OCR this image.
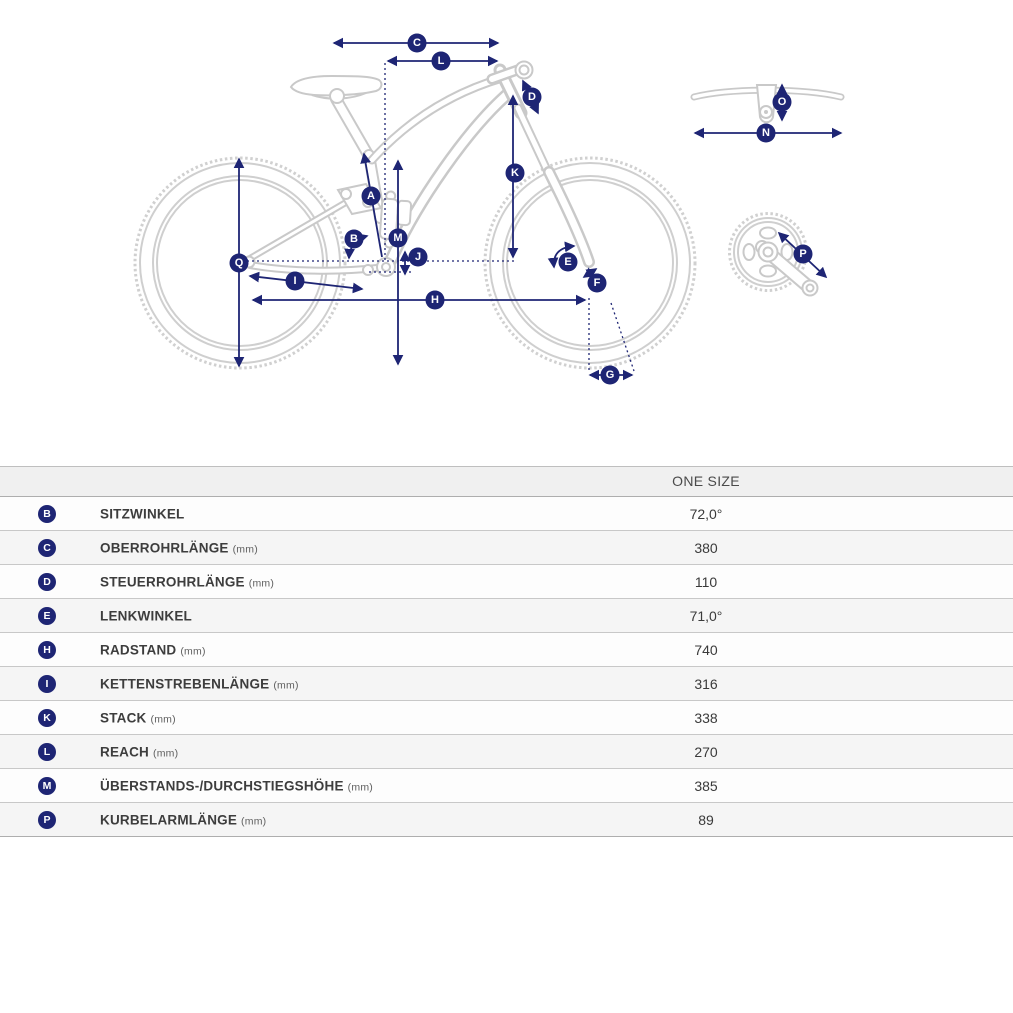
C
L
D
K
A
B	M
J
Q	E
I	F
H
G
N
O
P
ONE SIZE
B	SITZWINKEL	72,0°
C	OBERROHRLÄNGE (mm)	380
D	STEUERROHRLÄNGE (mm)	110
E	LENKWINKEL	71,0°
H	RADSTAND (mm)	740
I	KETTENSTREBENLÄNGE (mm)	316
K	STACK (mm)	338
L	REACH (mm)	270
M	ÜBERSTANDS-/DURCHSTIEGSHÖHE (mm)	385
P	KURBELARMLÄNGE (mm)	89
